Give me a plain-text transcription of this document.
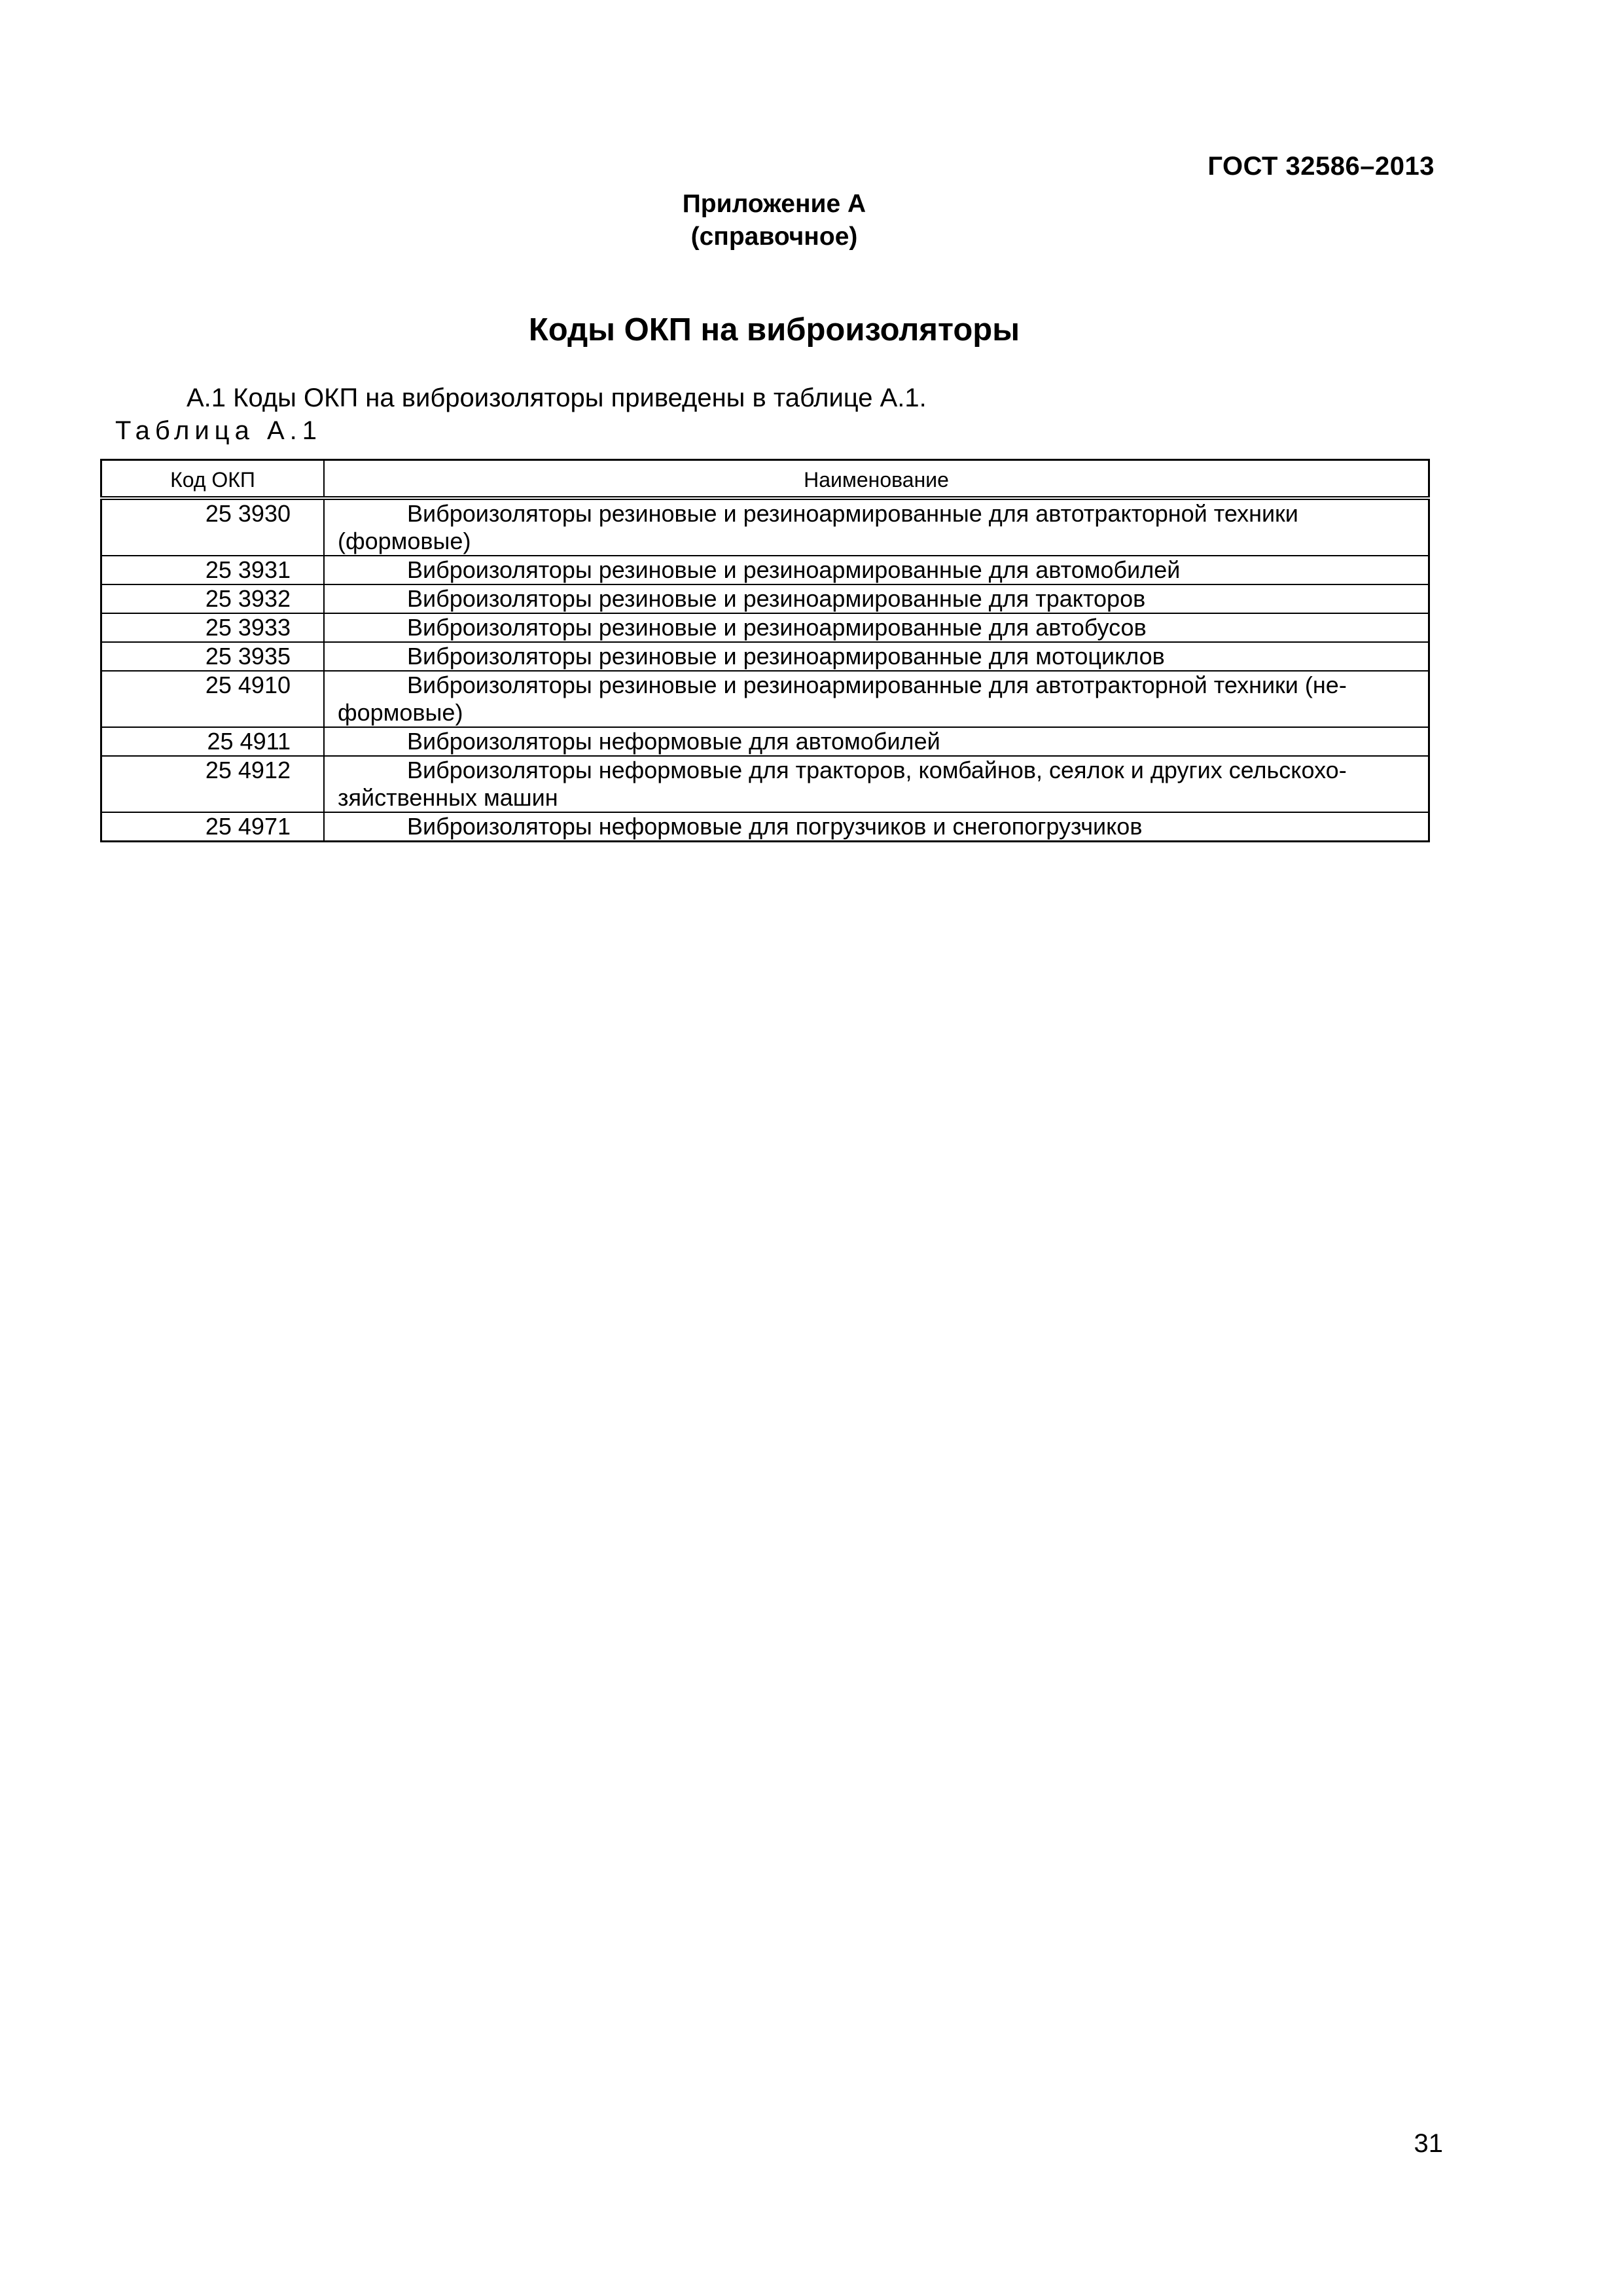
ГОСТ 32586–2013
Приложение А
(справочное)
Коды ОКП на виброизоляторы
А.1 Коды ОКП на виброизоляторы приведены в таблице А.1.
Таблица А.1
Код ОКП	Наименование
25 3930	Виброизоляторы резиновые и резиноармированные для автотракторной техники (формовые)
25 3931	Виброизоляторы резиновые и резиноармированные для автомобилей
25 3932	Виброизоляторы резиновые и резиноармированные для тракторов
25 3933	Виброизоляторы резиновые и резиноармированные для автобусов
25 3935	Виброизоляторы резиновые и резиноармированные для мотоциклов
25 4910	Виброизоляторы резиновые и резиноармированные для автотракторной техники (неформовые)
25 4911	Виброизоляторы неформовые для автомобилей
25 4912	Виброизоляторы неформовые для тракторов, комбайнов, сеялок и других сельскохозяйственных машин
25 4971	Виброизоляторы неформовые для погрузчиков и снегопогрузчиков
31
